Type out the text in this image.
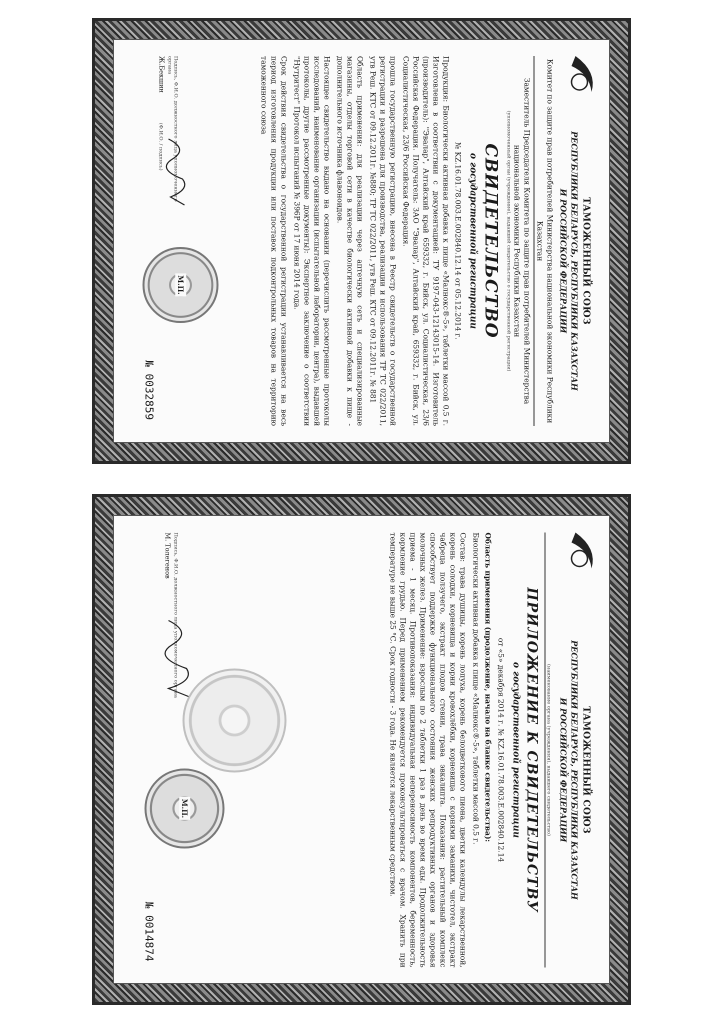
ТАМОЖЕННЫЙ СОЮЗ
РЕСПУБЛИКИ БЕЛАРУСЬ, РЕСПУБЛИКИ КАЗАХСТАН
И РОССИЙСКОЙ ФЕДЕРАЦИИ
Комитет по защите прав потребителей Министерства национальной экономики Республики Казахстан
Заместитель Председателя Комитета по защите прав потребителей Министерства национальной экономики Республики Казахстан
(уполномоченный орган (учреждение), выдавший свидетельство о государственной регистрации)
СВИДЕТЕЛЬСТВО
о государственной регистрации
№ KZ.16.01.78.003.Е.002840.12.14 от 05.12.2014 г.
Продукция: Биологически активная добавка к пище «Малнокс®-5», таблетки массой 0,5 г. Изготовлена в соответствии с документацией: ТУ 9197-043-12143015-14. Изготовитель (производитель): "Эвалар", Алтайский край 659332, г. Бийск, ул. Социалистическая, 23/6 Российская Федерация. Получатель: ЗАО "Эвалар", Алтайский край, 659332, г. Бийск, ул. Социалистическая, 23/6 Российская Федерация.
прошла государственную регистрацию, внесена в Реестр свидетельств о государственной регистрации и разрешена для производства, реализации и использования ТР ТС 022/2011, утв Реш. КТС от 09.12.2011г. №880; ТР ТС 022/2011, утв Реш. КТС от 09.12.2011г. № 881
Область применения: для реализации через аптечную сеть и специализированные магазины, отделы торговой сети в качестве биологически активной добавки к пище - дополнительного источника флавоноидов.
Настоящее свидетельство выдано на основании (перечислить рассмотренные протоколы исследований, наименование организации (испытательной лаборатории, центра), выдавшей протоколы, другие рассмотренные документы): Экспертное заключение о соответствии "Нутритест" Протокол испытаний № 396Р от 17 июня 2014 года.
Срок действия свидетельства о государственной регистрации устанавливается на весь период изготовления продукции или поставок подконтрольных товаров на территорию таможенного союза
Подпись, Ф.И.О. должностного лица уполномоченного органа
Ж.Бекшин
(Ф.И.О. / подпись)
М.П.
№ 0032859
ТАМОЖЕННЫЙ СОЮЗ
РЕСПУБЛИКИ БЕЛАРУСЬ, РЕСПУБЛИКИ КАЗАХСТАН
И РОССИЙСКОЙ ФЕДЕРАЦИИ
(наименование органа (учреждения), выдавшего свидетельство)
ПРИЛОЖЕНИЕ К СВИДЕТЕЛЬСТВУ
о государственной регистрации
от «5» декабря 2014 г. № KZ.16.01.78.003.Е.002840.12.14
Область применения (продолжение, начало на бланке свидетельства):
Биологически активная добавка к пище «Малнокс®-5», таблетки массой 0,5 г.
Состав: трава душицы, корень лопуха, корень белоцветкового пиона, цветки календулы лекарственной, корень солодки, корневища и корни кровохлёбки, корневища с корнями заманихи, чистотел, экстракт чабреца ползучего, экстракт плодов стевии, трава эвкалипта. Показания: растительный комплекс способствует поддержке функционального состояния женских репродуктивных органов и здоровья молочных желез. Применение: взрослым по 2 таблетки 1 раз в день во время еды. Продолжительность приема - 1 месяц. Противопоказания: индивидуальная непереносимость компонентов, беременность, кормление грудью. Перед применением рекомендуется проконсультироваться с врачом. Хранить при температуре не выше 25 °С. Срок годности - 3 года. Не является лекарственным средством.
Подпись, Ф.И.О. должностного лица уполномоченного органа
М. Толегенов
М.П.
№ 0014874
